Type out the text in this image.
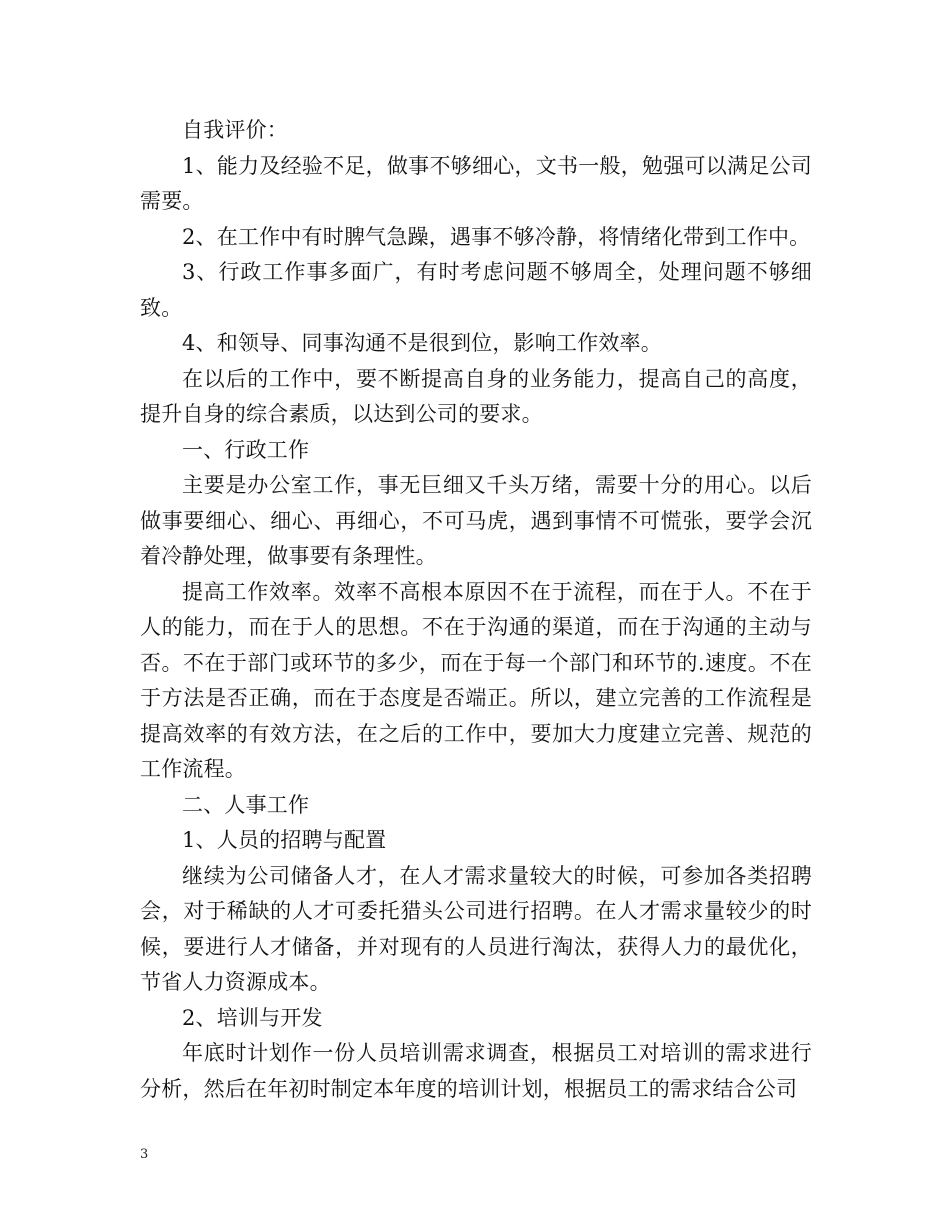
自我评价：

1、能力及经验不足，做事不够细心，文书一般，勉强可以满足公司需要。

2、在工作中有时脾气急躁，遇事不够冷静，将情绪化带到工作中。

3、行政工作事多面广，有时考虑问题不够周全，处理问题不够细致。

4、和领导、同事沟通不是很到位，影响工作效率。

在以后的工作中，要不断提高自身的业务能力，提高自己的高度，提升自身的综合素质，以达到公司的要求。

一、行政工作

主要是办公室工作，事无巨细又千头万绪，需要十分的用心。以后做事要细心、细心、再细心，不可马虎，遇到事情不可慌张，要学会沉着冷静处理，做事要有条理性。

提高工作效率。效率不高根本原因不在于流程，而在于人。不在于人的能力，而在于人的思想。不在于沟通的渠道，而在于沟通的主动与否。不在于部门或环节的多少，而在于每一个部门和环节的.速度。不在于方法是否正确，而在于态度是否端正。所以，建立完善的工作流程是提高效率的有效方法，在之后的工作中，要加大力度建立完善、规范的工作流程。

二、人事工作

1、人员的招聘与配置

继续为公司储备人才，在人才需求量较大的时候，可参加各类招聘会，对于稀缺的人才可委托猎头公司进行招聘。在人才需求量较少的时候，要进行人才储备，并对现有的人员进行淘汰，获得人力的最优化，节省人力资源成本。

2、培训与开发

年底时计划作一份人员培训需求调查，根据员工对培训的需求进行分析，然后在年初时制定本年度的培训计划，根据员工的需求结合公司

3
